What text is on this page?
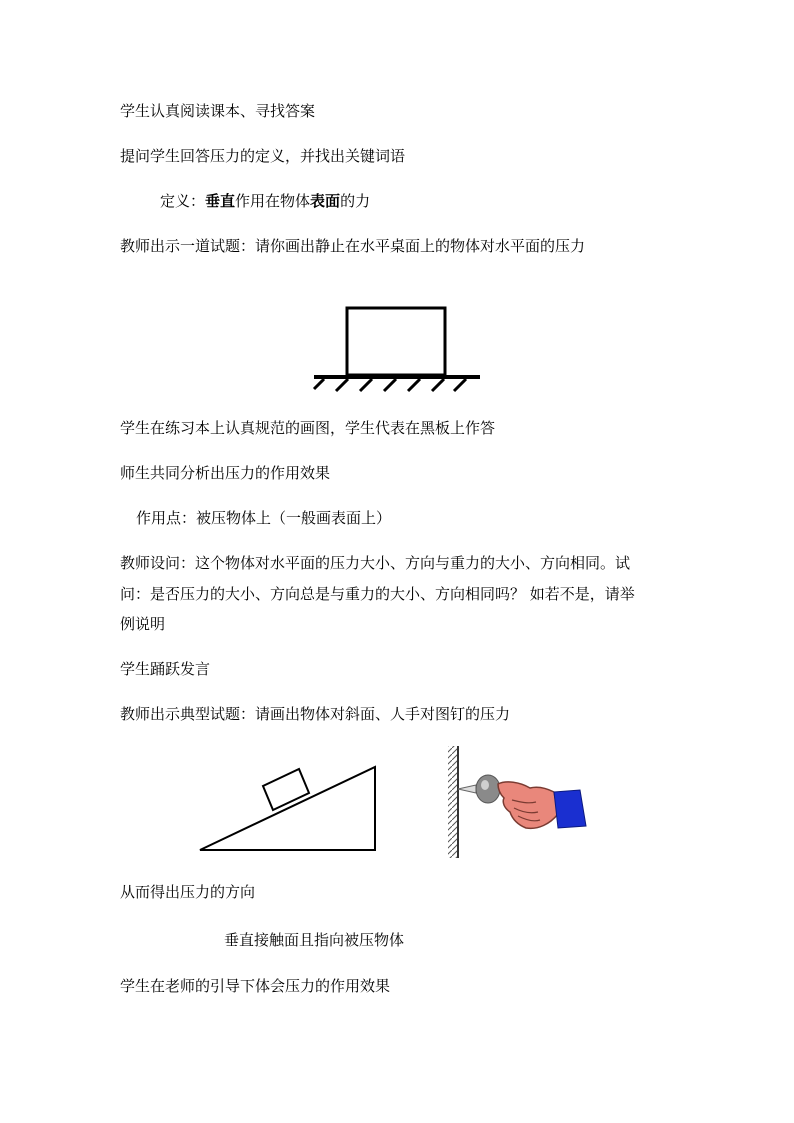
学生认真阅读课本、寻找答案
提问学生回答压力的定义，并找出关键词语
定义：垂直作用在物体表面的力
教师出示一道试题：请你画出静止在水平桌面上的物体对水平面的压力
学生在练习本上认真规范的画图，学生代表在黑板上作答
师生共同分析出压力的作用效果
作用点：被压物体上（一般画表面上）
教师设问：这个物体对水平面的压力大小、方向与重力的大小、方向相同。试
问：是否压力的大小、方向总是与重力的大小、方向相同吗？ 如若不是，请举
例说明
学生踊跃发言
教师出示典型试题：请画出物体对斜面、人手对图钉的压力
从而得出压力的方向
垂直接触面且指向被压物体
学生在老师的引导下体会压力的作用效果
